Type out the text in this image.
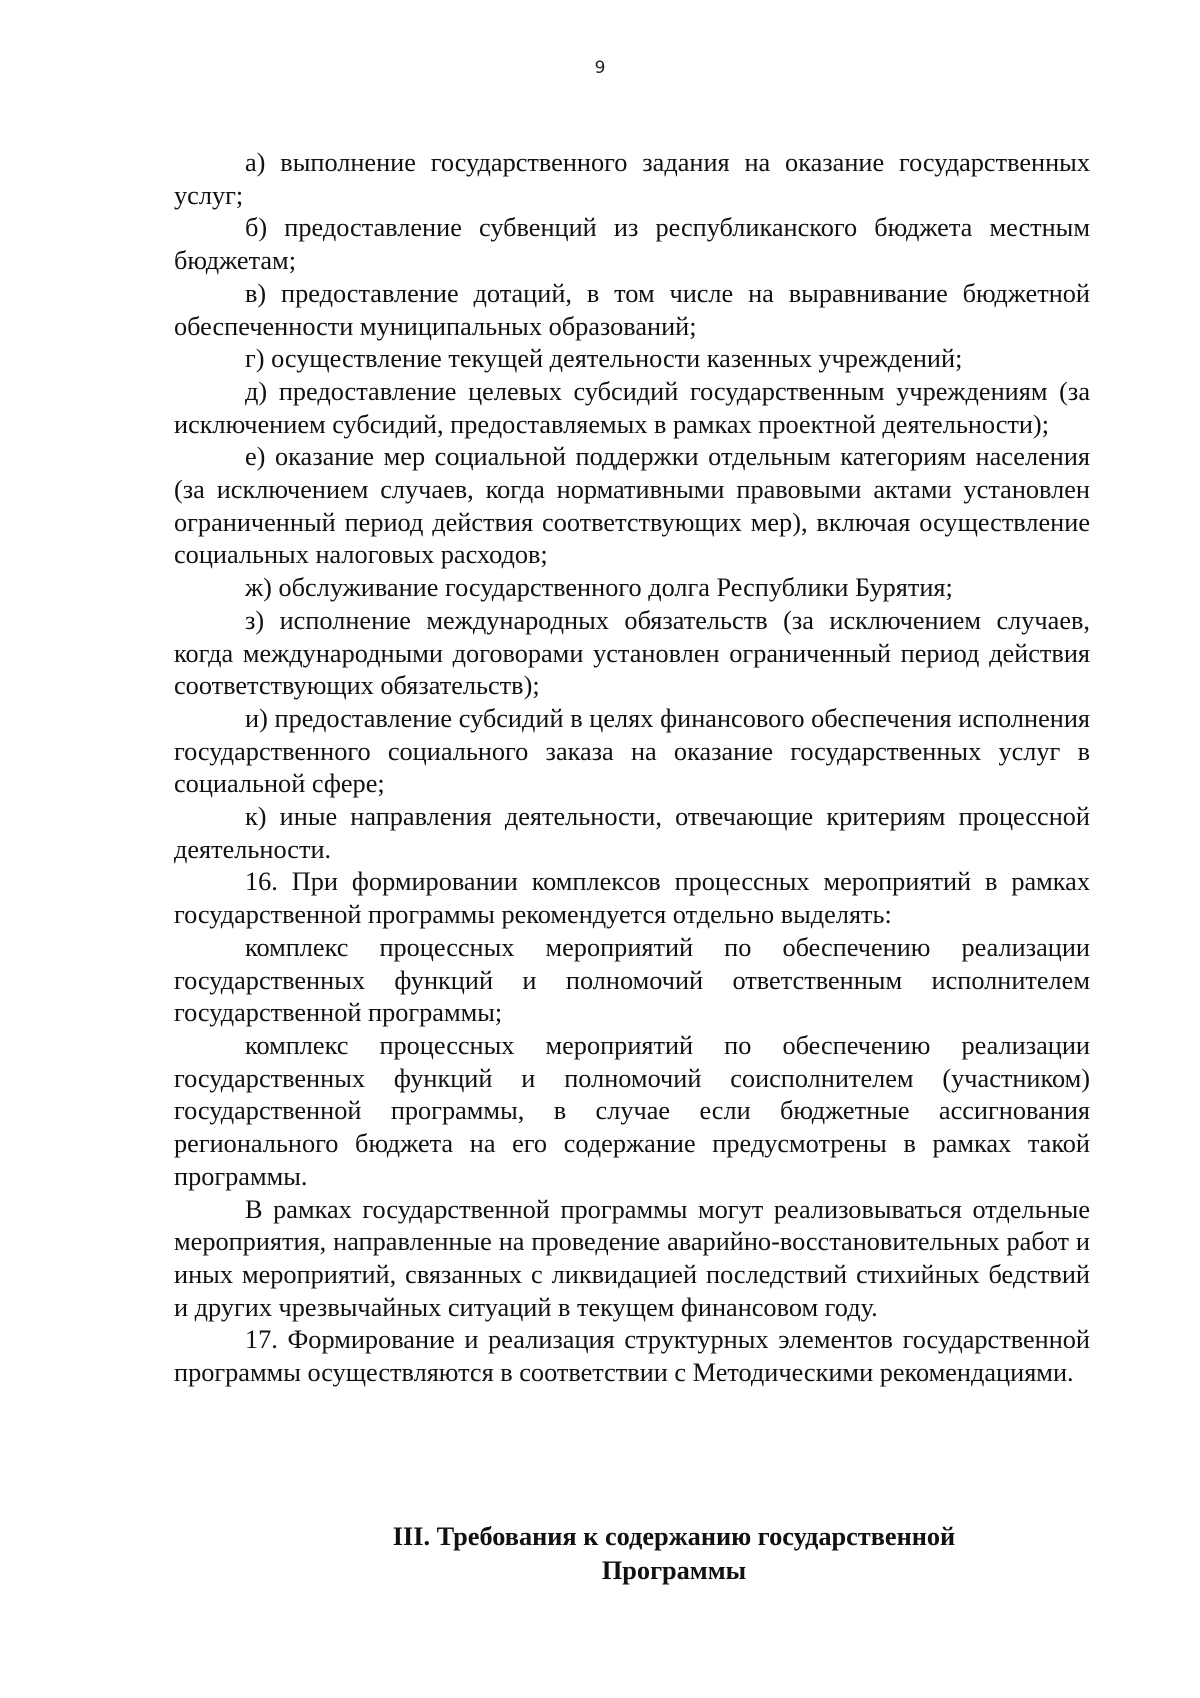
9

а) выполнение государственного задания на оказание государственных услуг;

б) предоставление субвенций из республиканского бюджета местным бюджетам;

в) предоставление дотаций, в том числе на выравнивание бюджетной обеспеченности муниципальных образований;

г) осуществление текущей деятельности казенных учреждений;

д) предоставление целевых субсидий государственным учреждениям (за исключением субсидий, предоставляемых в рамках проектной деятельности);

е) оказание мер социальной поддержки отдельным категориям населения (за исключением случаев, когда нормативными правовыми актами установлен ограниченный период действия соответствующих мер), включая осуществление социальных налоговых расходов;

ж) обслуживание государственного долга Республики Бурятия;

з) исполнение международных обязательств (за исключением случаев, когда международными договорами установлен ограниченный период действия соответствующих обязательств);

и) предоставление субсидий в целях финансового обеспечения исполнения государственного социального заказа на оказание государственных услуг в социальной сфере;

к) иные направления деятельности, отвечающие критериям процессной деятельности.

16. При формировании комплексов процессных мероприятий в рамках государственной программы рекомендуется отдельно выделять:

комплекс процессных мероприятий по обеспечению реализации государственных функций и полномочий ответственным исполнителем государственной программы;

комплекс процессных мероприятий по обеспечению реализации государственных функций и полномочий соисполнителем (участником) государственной программы, в случае если бюджетные ассигнования регионального бюджета на его содержание предусмотрены в рамках такой программы.

В рамках государственной программы могут реализовываться отдельные мероприятия, направленные на проведение аварийно-восстановительных работ и иных мероприятий, связанных с ликвидацией последствий стихийных бедствий и других чрезвычайных ситуаций в текущем финансовом году.

17. Формирование и реализация структурных элементов государственной программы осуществляются в соответствии с Методическими рекомендациями.

III. Требования к содержанию государственной
Программы
